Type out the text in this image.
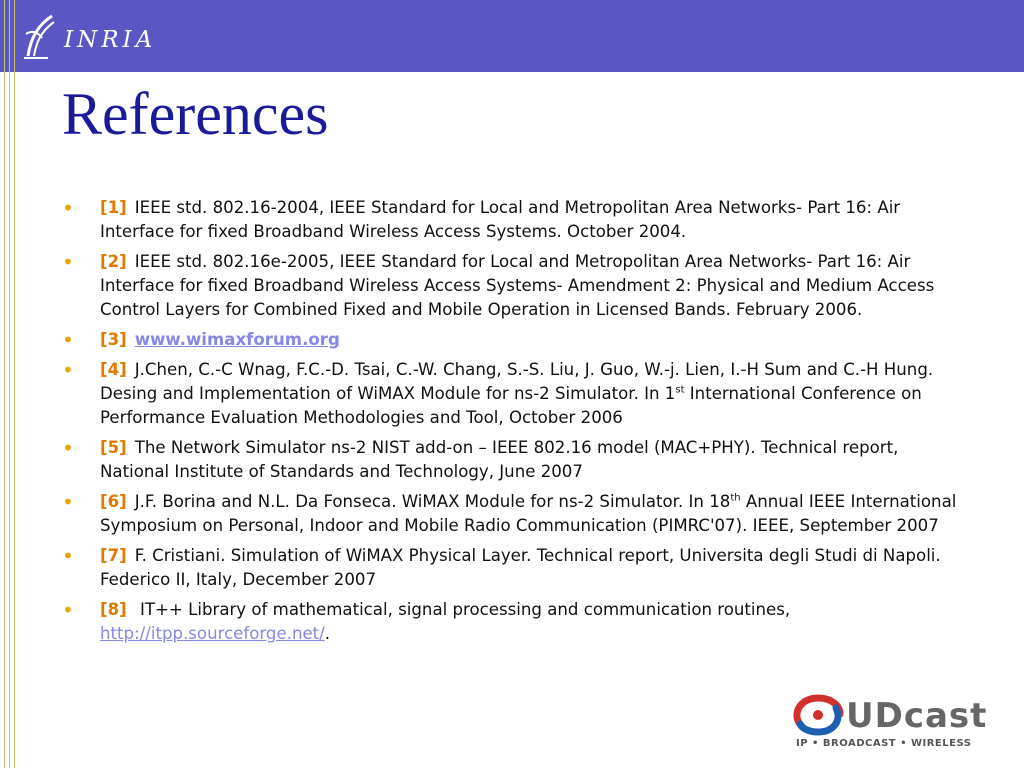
INRIA
References
• [1] IEEE std. 802.16-2004, IEEE Standard for Local and Metropolitan Area Networks- Part 16: Air Interface for fixed Broadband Wireless Access Systems. October 2004.
• [2] IEEE std. 802.16e-2005, IEEE Standard for Local and Metropolitan Area Networks- Part 16: Air Interface for fixed Broadband Wireless Access Systems- Amendment 2: Physical and Medium Access Control Layers for Combined Fixed and Mobile Operation in Licensed Bands. February 2006.
• [3] www.wimaxforum.org
• [4] J.Chen, C.-C Wnag, F.C.-D. Tsai, C.-W. Chang, S.-S. Liu, J. Guo, W.-j. Lien, I.-H Sum and C.-H Hung. Desing and Implementation of WiMAX Module for ns-2 Simulator. In 1st International Conference on Performance Evaluation Methodologies and Tool, October 2006
• [5] The Network Simulator ns-2 NIST add-on – IEEE 802.16 model (MAC+PHY). Technical report, National Institute of Standards and Technology, June 2007
• [6] J.F. Borina and N.L. Da Fonseca. WiMAX Module for ns-2 Simulator. In 18th Annual IEEE International Symposium on Personal, Indoor and Mobile Radio Communication (PIMRC'07). IEEE, September 2007
• [7] F. Cristiani. Simulation of WiMAX Physical Layer. Technical report, Universita degli Studi di Napoli. Federico II, Italy, December 2007
• [8] IT++ Library of mathematical, signal processing and communication routines,
http://itpp.sourceforge.net/.
UDcast
IP • BROADCAST • WIRELESS
